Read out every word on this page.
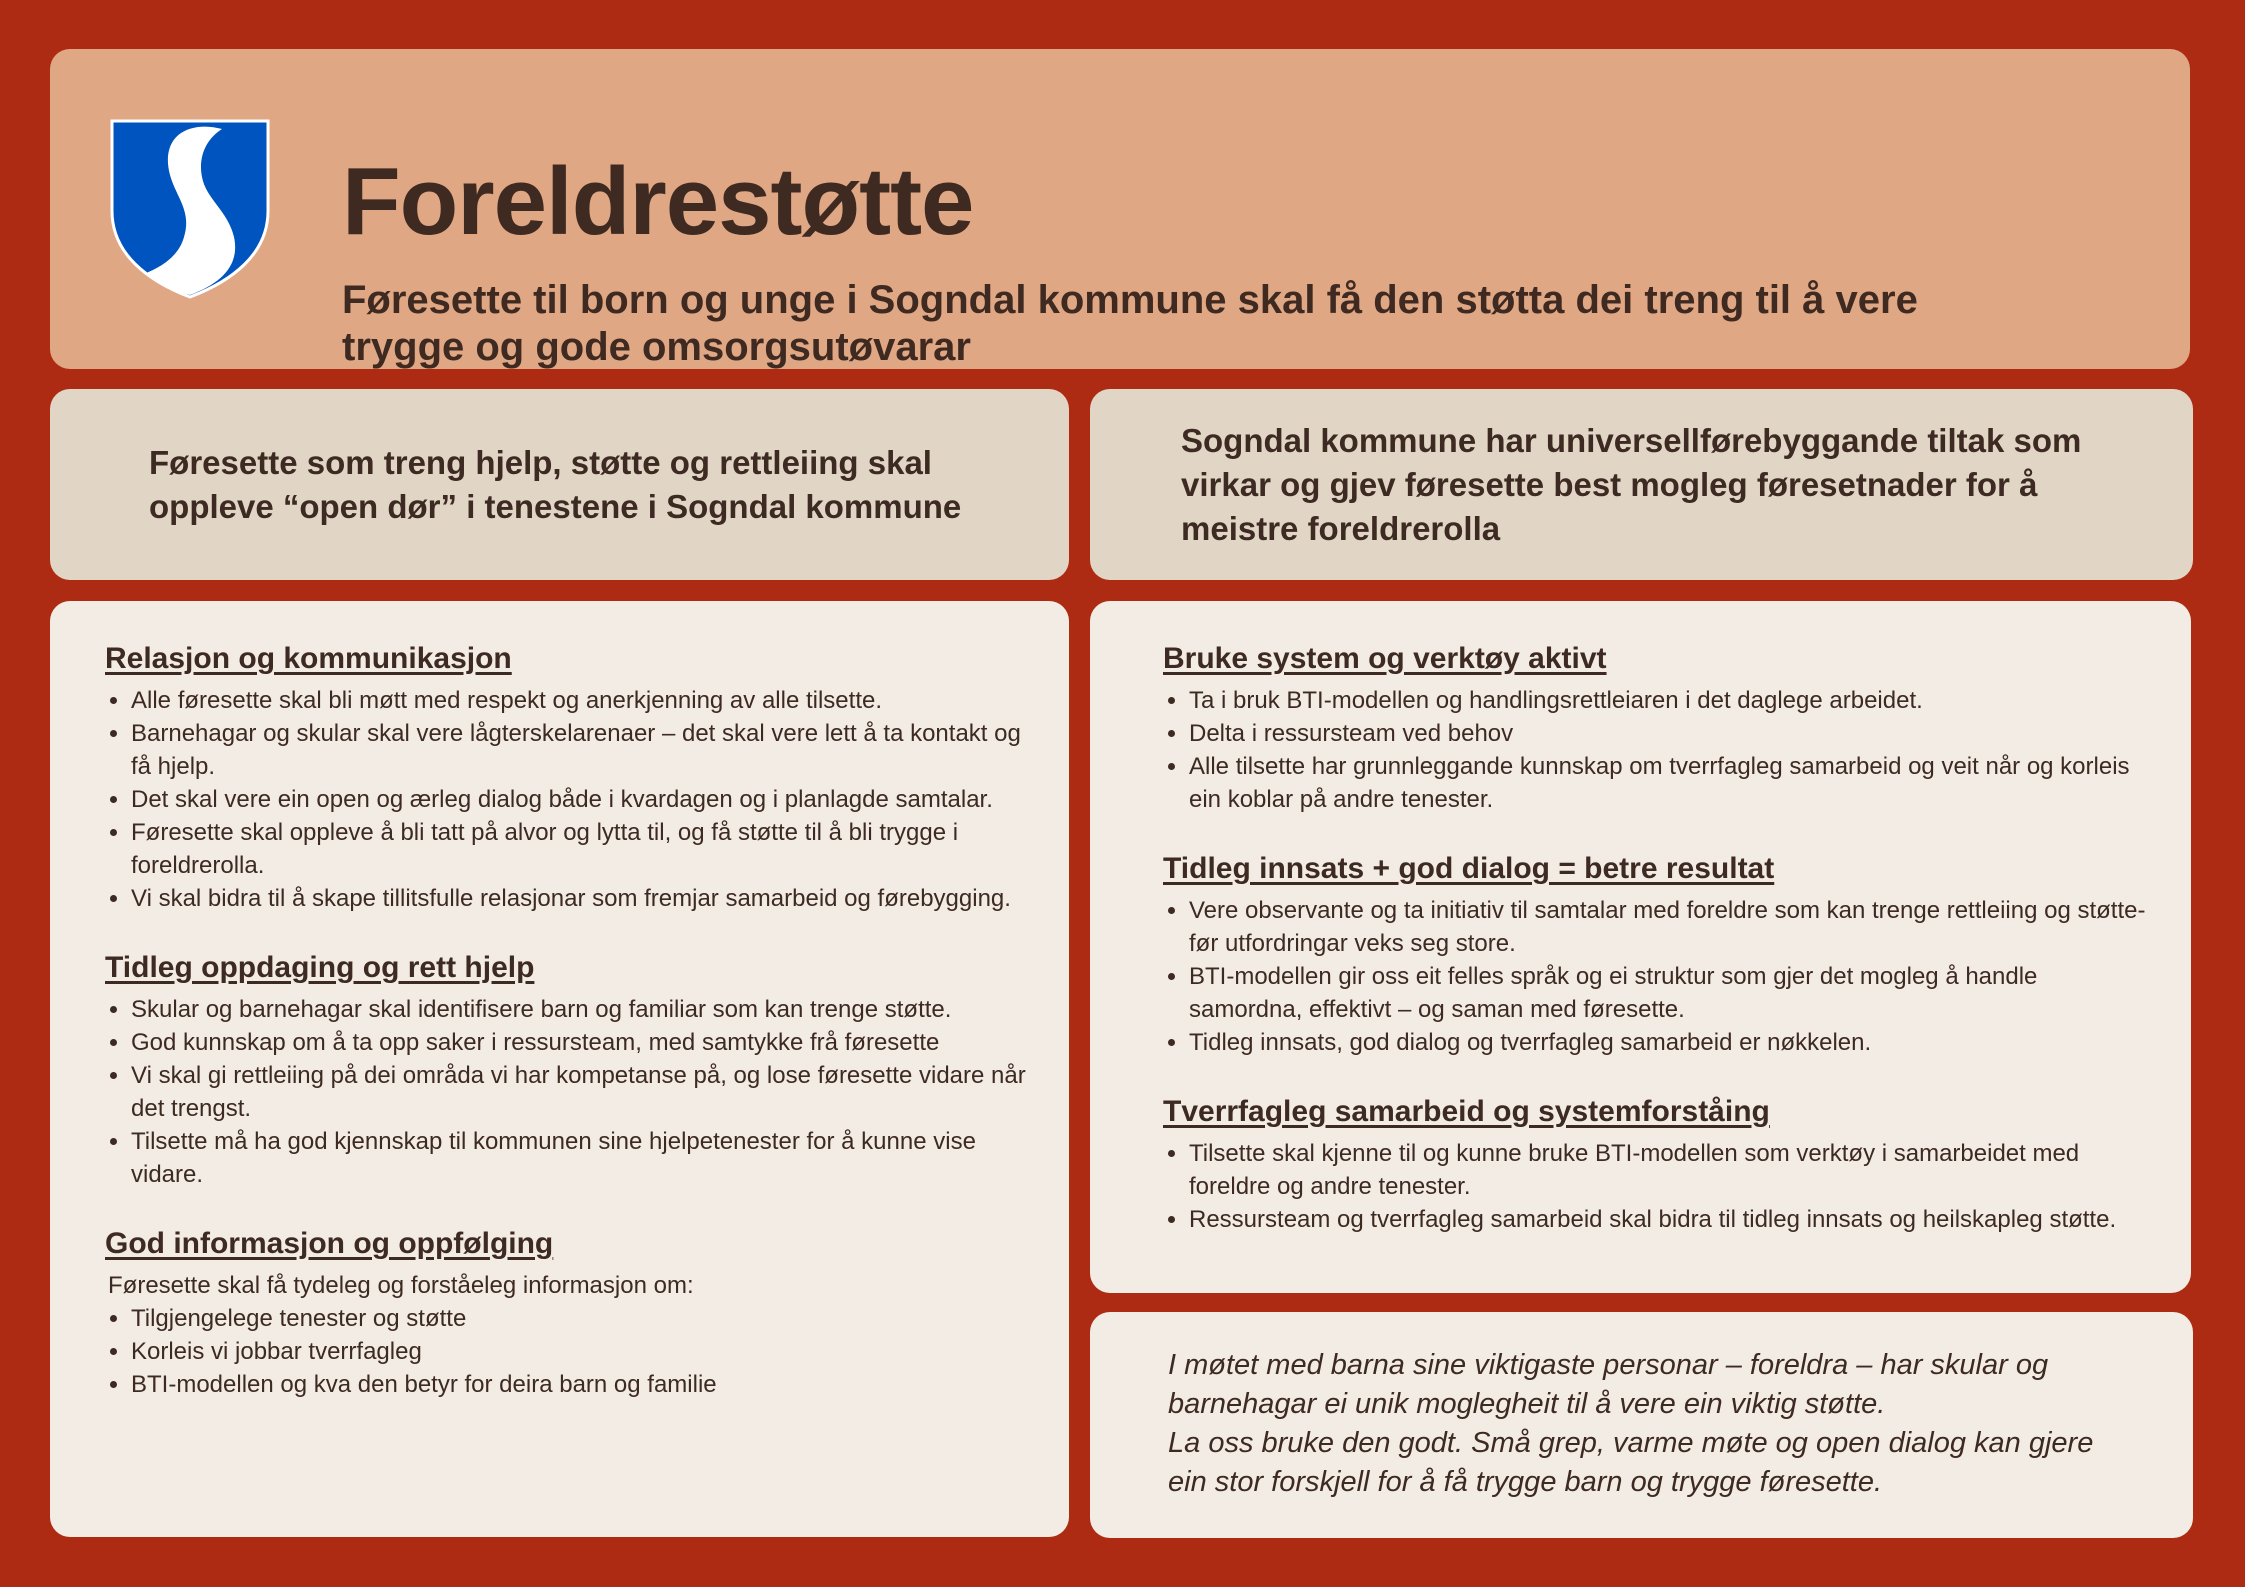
Foreldrestøtte

Føresette til born og unge i Sogndal kommune skal få den støtta dei treng til å vere trygge og gode omsorgsutøvarar

Føresette som treng hjelp, støtte og rettleiing skal oppleve “open dør” i tenestene i Sogndal kommune

Sogndal kommune har universellførebyggande tiltak som virkar og gjev føresette best mogleg føresetnader for å meistre foreldrerolla

Relasjon og kommunikasjon
• Alle føresette skal bli møtt med respekt og anerkjenning av alle tilsette.
• Barnehagar og skular skal vere lågterskelarenaer – det skal vere lett å ta kontakt og få hjelp.
• Det skal vere ein open og ærleg dialog både i kvardagen og i planlagde samtalar.
• Føresette skal oppleve å bli tatt på alvor og lytta til, og få støtte til å bli trygge i foreldrerolla.
• Vi skal bidra til å skape tillitsfulle relasjonar som fremjar samarbeid og førebygging.
Tidleg oppdaging og rett hjelp
• Skular og barnehagar skal identifisere barn og familiar som kan trenge støtte.
• God kunnskap om å ta opp saker i ressursteam, med samtykke frå føresette
• Vi skal gi rettleiing på dei områda vi har kompetanse på, og lose føresette vidare når det trengst.
• Tilsette må ha god kjennskap til kommunen sine hjelpetenester for å kunne vise vidare.
God informasjon og oppfølging

Føresette skal få tydeleg og forståeleg informasjon om:

• Tilgjengelege tenester og støtte
• Korleis vi jobbar tverrfagleg
• BTI-modellen og kva den betyr for deira barn og familie
Bruke system og verktøy aktivt
• Ta i bruk BTI-modellen og handlingsrettleiaren i det daglege arbeidet.
• Delta i ressursteam ved behov
• Alle tilsette har grunnleggande kunnskap om tverrfagleg samarbeid og veit når og korleis ein koblar på andre tenester.
Tidleg innsats + god dialog = betre resultat
• Vere observante og ta initiativ til samtalar med foreldre som kan trenge rettleiing og støtte- før utfordringar veks seg store.
• BTI-modellen gir oss eit felles språk og ei struktur som gjer det mogleg å handle samordna, effektivt – og saman med føresette.
• Tidleg innsats, god dialog og tverrfagleg samarbeid er nøkkelen.
Tverrfagleg samarbeid og systemforståing
• Tilsette skal kjenne til og kunne bruke BTI-modellen som verktøy i samarbeidet med foreldre og andre tenester.
• Ressursteam og tverrfagleg samarbeid skal bidra til tidleg innsats og heilskapleg støtte.

I møtet med barna sine viktigaste personar – foreldra – har skular og barnehagar ei unik moglegheit til å vere ein viktig støtte.
La oss bruke den godt. Små grep, varme møte og open dialog kan gjere ein stor forskjell for å få trygge barn og trygge føresette.
